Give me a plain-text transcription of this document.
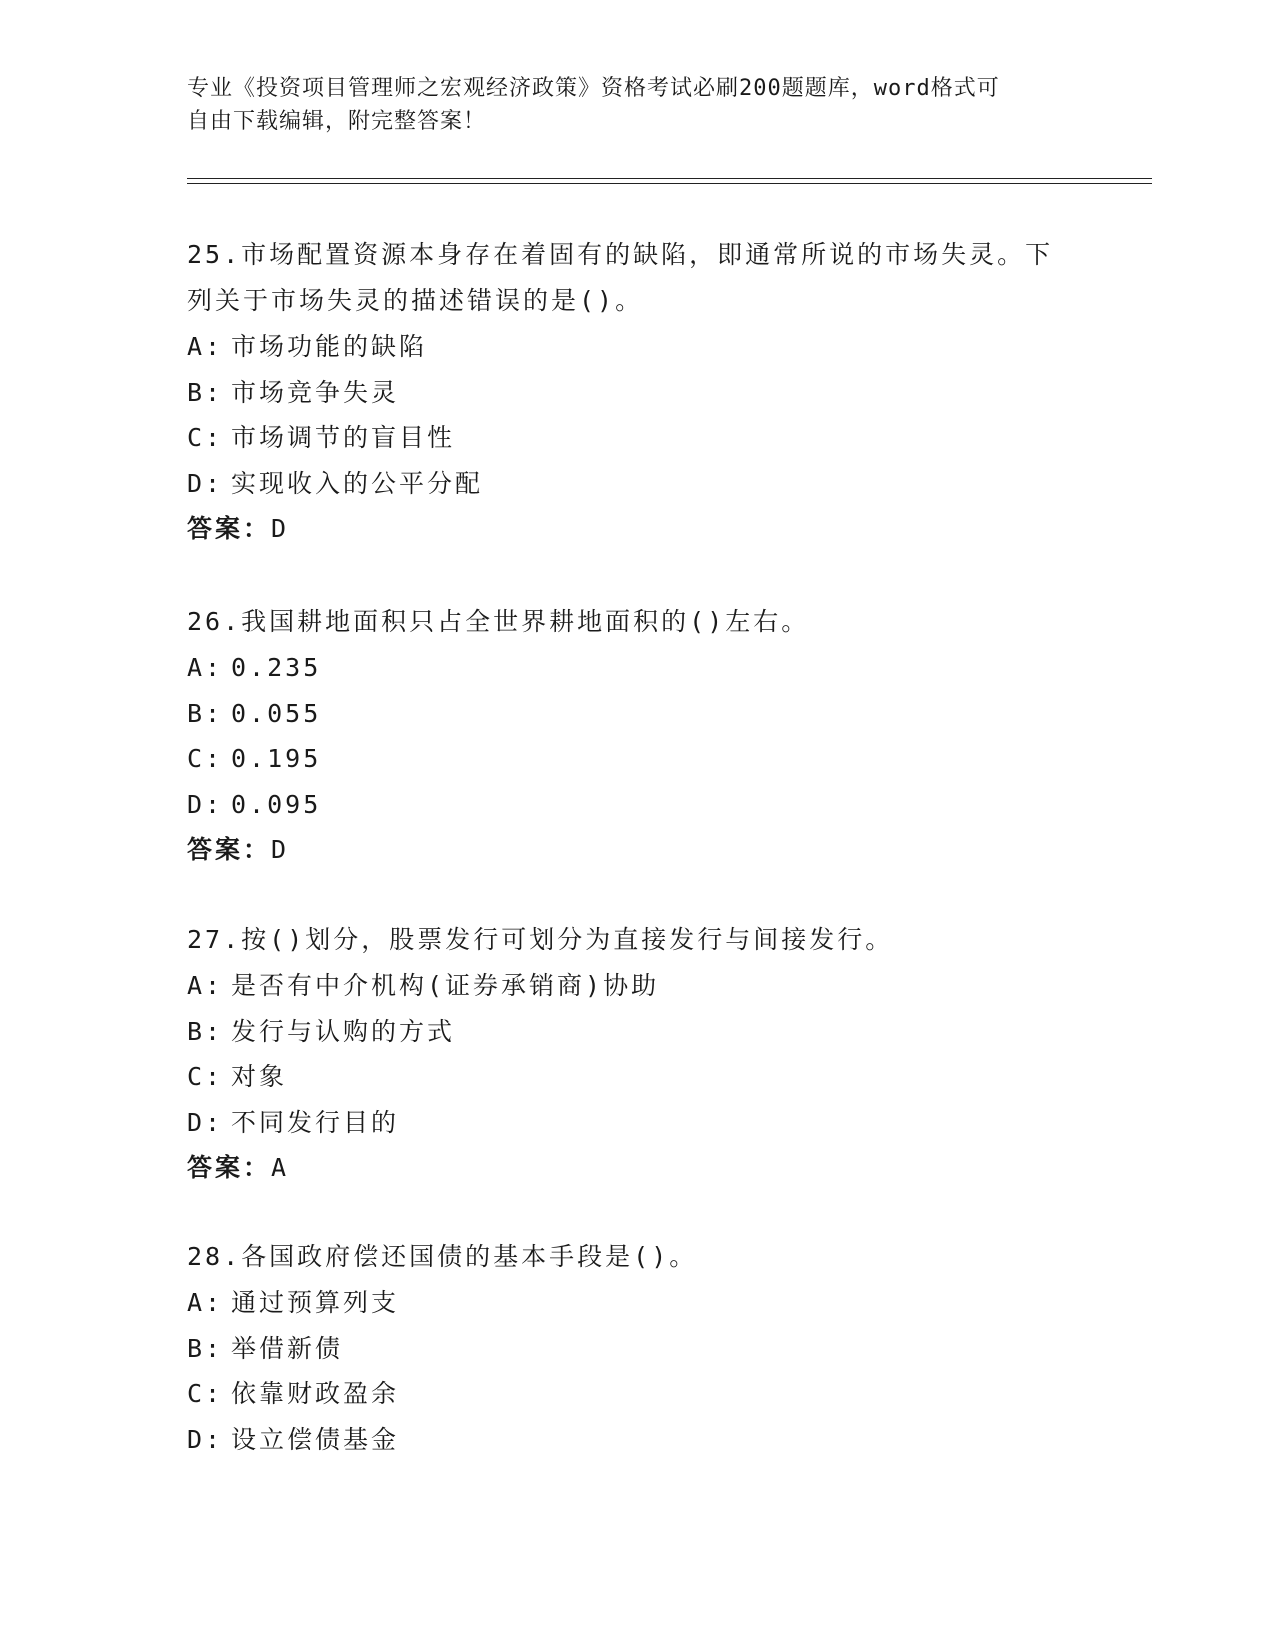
专业《投资项目管理师之宏观经济政策》资格考试必刷200题题库，word格式可
自由下载编辑，附完整答案！
25.市场配置资源本身存在着固有的缺陷，即通常所说的市场失灵。下
列关于市场失灵的描述错误的是()。
A: 市场功能的缺陷
B: 市场竞争失灵
C: 市场调节的盲目性
D: 实现收入的公平分配
答案：D
26.我国耕地面积只占全世界耕地面积的()左右。
A: 0.235
B: 0.055
C: 0.195
D: 0.095
答案：D
27.按()划分，股票发行可划分为直接发行与间接发行。
A: 是否有中介机构(证券承销商)协助
B: 发行与认购的方式
C: 对象
D: 不同发行目的
答案：A
28.各国政府偿还国债的基本手段是()。
A: 通过预算列支
B: 举借新债
C: 依靠财政盈余
D: 设立偿债基金
